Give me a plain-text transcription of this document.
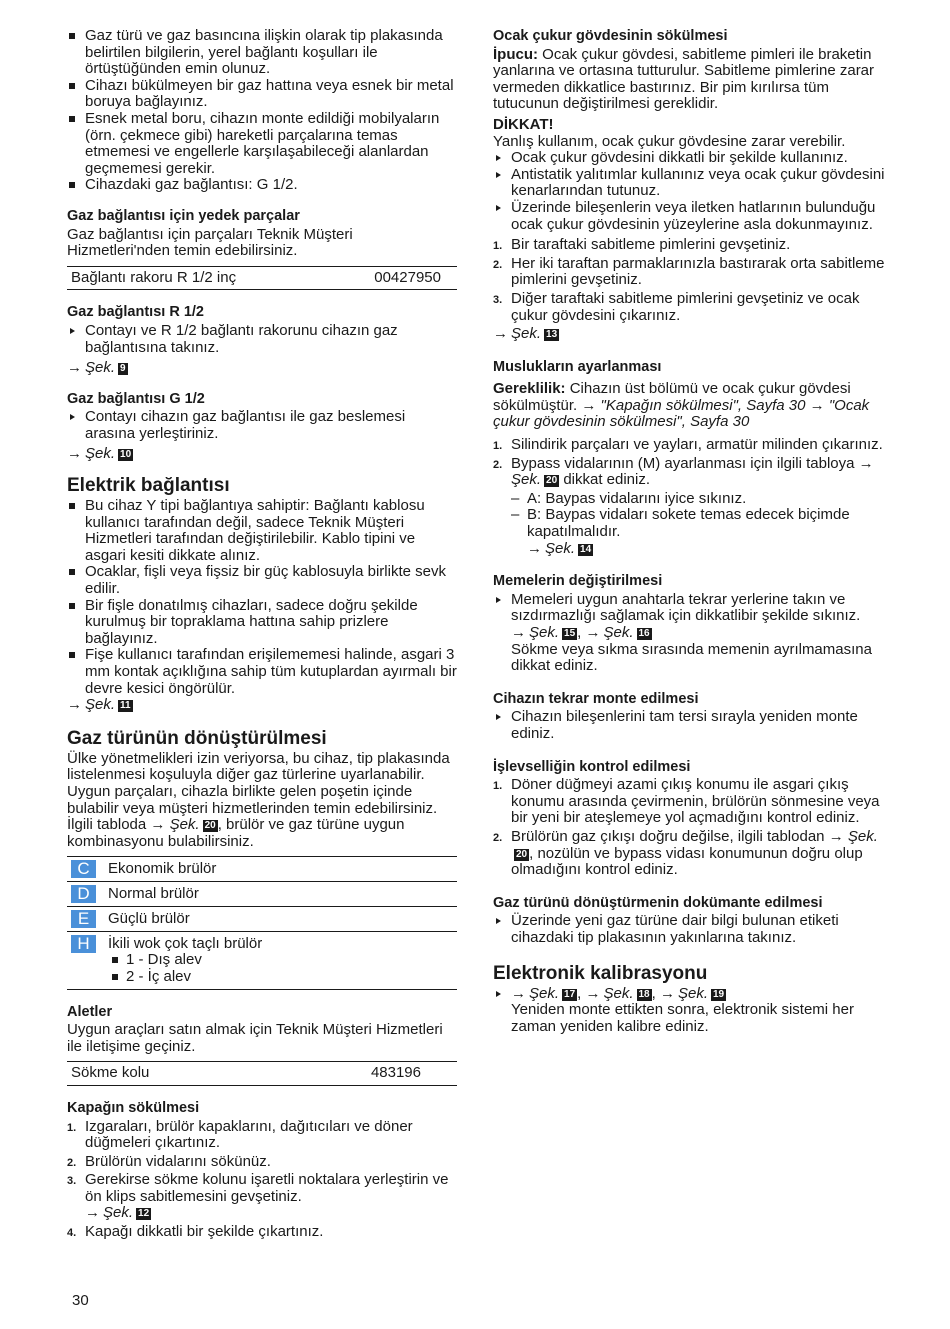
Gaz türü ve gaz basıncına ilişkin olarak tip plakasında belirtilen bilgilerin, yerel bağlantı koşulları ile örtüştüğünden emin olunuz.
Cihazı bükülmeyen bir gaz hattına veya esnek bir metal boruya bağlayınız.
Esnek metal boru, cihazın monte edildiği mobilyaların (örn. çekmece gibi) hareketli parçalarına temas etmemesi ve engellerle karşılaşabileceği alanlardan geçmemesi gerekir.
Cihazdaki gaz bağlantısı: G 1/2.
Gaz bağlantısı için yedek parçalar

Gaz bağlantısı için parçaları Teknik Müşteri Hizmetleri'nden temin edebilirsiniz.

Bağlantı rakoru R 1/2 inç	00427950
Gaz bağlantısı R 1/2
Contayı ve R 1/2 bağlantı rakorunu cihazın gaz bağlantısına takınız.

→ Şek. 9

Gaz bağlantısı G 1/2
Contayı cihazın gaz bağlantısı ile gaz beslemesi arasına yerleştiriniz.

→ Şek. 10

Elektrik bağlantısı
Bu cihaz Y tipi bağlantıya sahiptir: Bağlantı kablosu kullanıcı tarafından değil, sadece Teknik Müşteri Hizmetleri tarafından değiştirilebilir. Kablo tipini ve asgari kesiti dikkate alınız.
Ocaklar, fişli veya fişsiz bir güç kablosuyla birlikte sevk edilir.
Bir fişle donatılmış cihazları, sadece doğru şekilde kurulmuş bir topraklama hattına sahip prizlere bağlayınız.
Fişe kullanıcı tarafından erişilememesi halinde, asgari 3 mm kontak açıklığına sahip tüm kutuplardan ayırmalı bir devre kesici öngörülür.

→ Şek. 11

Gaz türünün dönüştürülmesi

Ülke yönetmelikleri izin veriyorsa, bu cihaz, tip plakasında listelenmesi koşuluyla diğer gaz türlerine uyarlanabilir.

Uygun parçaları, cihazla birlikte gelen poşetin içinde bulabilir veya müşteri hizmetlerinden temin edebilirsiniz. İlgili tabloda → Şek. 20 , brülör ve gaz türüne uygun kombinasyonu bulabilirsiniz.

C	Ekonomik brülör
D	Normal brülör
E	Güçlü brülör
H	İkili wok çok taçlı brülör
1 - Dış alev
2 - İç alev
Aletler

Uygun araçları satın almak için Teknik Müşteri Hizmetleri ile iletişime geçiniz.

Sökme kolu	483196
Kapağın sökülmesi
1. Izgaraları, brülör kapaklarını, dağıtıcıları ve döner düğmeleri çıkartınız.
2. Brülörün vidalarını sökünüz.
3. Gerekirse sökme kolunu işaretli noktalara yerleştirin ve ön klips sabitlemesini gevşetiniz.
→ Şek. 12
4. Kapağı dikkatli bir şekilde çıkartınız.
Ocak çukur gövdesinin sökülmesi

İpucu: Ocak çukur gövdesi, sabitleme pimleri ile braketin yanlarına ve ortasına tutturulur. Sabitleme pimlerine zarar vermeden dikkatlice bastırınız. Bir pim kırılırsa tüm tutucunun değiştirilmesi gereklidir.

DİKKAT!

Yanlış kullanım, ocak çukur gövdesine zarar verebilir.

Ocak çukur gövdesini dikkatli bir şekilde kullanınız.
Antistatik yalıtımlar kullanınız veya ocak çukur gövdesini kenarlarından tutunuz.
Üzerinde bileşenlerin veya iletken hatlarının bulunduğu ocak çukur gövdesinin yüzeylerine asla dokunmayınız.
1. Bir taraftaki sabitleme pimlerini gevşetiniz.
2. Her iki taraftan parmaklarınızla bastırarak orta sabitleme pimlerini gevşetiniz.
3. Diğer taraftaki sabitleme pimlerini gevşetiniz ve ocak çukur gövdesini çıkarınız.

→ Şek. 13

Muslukların ayarlanması

Gereklilik: Cihazın üst bölümü ve ocak çukur gövdesi sökülmüştür. → "Kapağın sökülmesi", Sayfa 30 → "Ocak çukur gövdesinin sökülmesi", Sayfa 30

1. Silindirik parçaları ve yayları, armatür milinden çıkarınız.
2. Bypass vidalarının (M) ayarlanması için ilgili tabloya → Şek. 20 dikkat ediniz.
– A: Baypas vidalarını iyice sıkınız.
– B: Baypas vidaları sokete temas edecek biçimde kapatılmalıdır.

→ Şek. 14

Memelerin değiştirilmesi
Memeleri uygun anahtarla tekrar yerlerine takın ve sızdırmazlığı sağlamak için dikkatlibir şekilde sıkınız.
→ Şek. 15 , → Şek. 16
Sökme veya sıkma sırasında memenin ayrılmamasına dikkat ediniz.
Cihazın tekrar monte edilmesi
Cihazın bileşenlerini tam tersi sırayla yeniden monte ediniz.
İşlevselliğin kontrol edilmesi
1. Döner düğmeyi azami çıkış konumu ile asgari çıkış konumu arasında çevirmenin, brülörün sönmesine veya bir yeni bir ateşlemeye yol açmadığını kontrol ediniz.
2. Brülörün gaz çıkışı doğru değilse, ilgili tablodan → Şek.20 , nozülün ve bypass vidası konumunun doğru olup olmadığını kontrol ediniz.
Gaz türünü dönüştürmenin dokümante edilmesi
Üzerinde yeni gaz türüne dair bilgi bulunan etiketi cihazdaki tip plakasının yakınlarına takınız.
Elektronik kalibrasyonu
→ Şek. 17 , → Şek. 18 , → Şek. 19
Yeniden monte ettikten sonra, elektronik sistemi her zaman yeniden kalibre ediniz.
30
